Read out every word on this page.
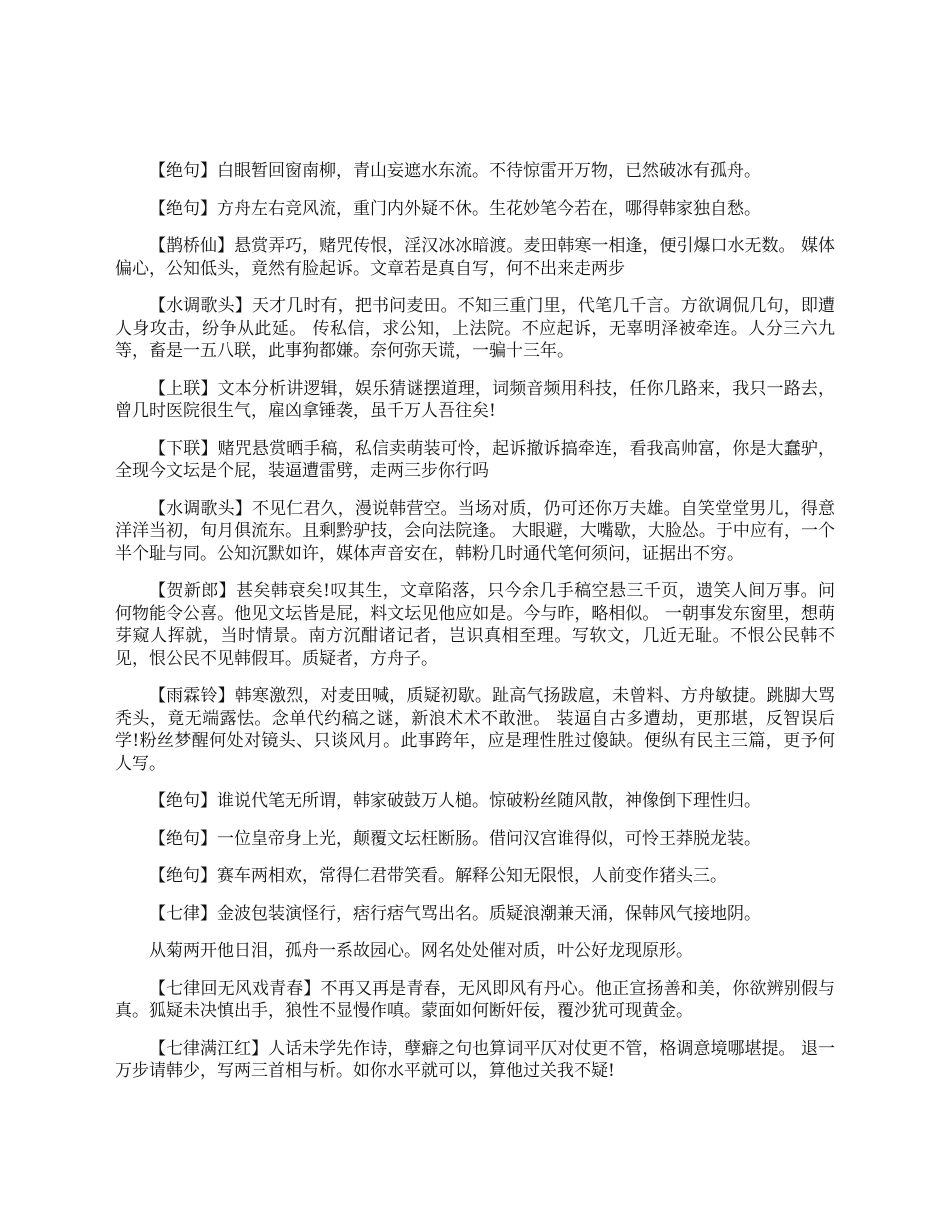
【绝句】白眼暂回窗南柳，青山妄遮水东流。不待惊雷开万物，已然破冰有孤舟。

【绝句】方舟左右竞风流，重门内外疑不休。生花妙笔今若在，哪得韩家独自愁。

【鹊桥仙】悬赏弄巧，赌咒传恨，淫汉冰冰暗渡。麦田韩寒一相逢，便引爆口水无数。 媒体偏心，公知低头，竟然有脸起诉。文章若是真自写，何不出来走两步

【水调歌头】天才几时有，把书问麦田。不知三重门里，代笔几千言。方欲调侃几句，即遭人身攻击，纷争从此延。 传私信，求公知，上法院。不应起诉，无辜明泽被牵连。人分三六九等，畜是一五八联，此事狗都嫌。奈何弥天谎，一骗十三年。

【上联】文本分析讲逻辑，娱乐猜谜摆道理，词频音频用科技，任你几路来，我只一路去，曾几时医院很生气，雇凶拿锤袭，虽千万人吾往矣!

【下联】赌咒悬赏晒手稿，私信卖萌装可怜，起诉撤诉搞牵连，看我高帅富，你是大蠢驴，全现今文坛是个屁，装逼遭雷劈，走两三步你行吗

【水调歌头】不见仁君久，漫说韩营空。当场对质，仍可还你万夫雄。自笑堂堂男儿，得意洋洋当初，旬月俱流东。且剩黔驴技，会向法院逢。 大眼避，大嘴歇，大脸怂。于中应有，一个半个耻与同。公知沉默如许，媒体声音安在，韩粉几时通代笔何须问，证据出不穷。

【贺新郎】甚矣韩衰矣!叹其生，文章陷落，只今余几手稿空悬三千页，遗笑人间万事。问何物能令公喜。他见文坛皆是屁，料文坛见他应如是。今与昨，略相似。 一朝事发东窗里，想萌芽窥人挥就，当时情景。南方沉酣诸记者，岂识真相至理。写软文，几近无耻。不恨公民韩不见，恨公民不见韩假耳。质疑者，方舟子。

【雨霖铃】韩寒激烈，对麦田喊，质疑初歇。趾高气扬跋扈，未曾料、方舟敏捷。跳脚大骂秃头，竟无端露怯。念单代约稿之谜，新浪术术不敢泄。 装逼自古多遭劫，更那堪，反智误后学!粉丝梦醒何处对镜头、只谈风月。此事跨年，应是理性胜过傻缺。便纵有民主三篇，更予何人写。

【绝句】谁说代笔无所谓，韩家破鼓万人槌。惊破粉丝随风散，神像倒下理性归。

【绝句】一位皇帝身上光，颠覆文坛枉断肠。借问汉宫谁得似，可怜王莽脱龙装。

【绝句】赛车两相欢，常得仁君带笑看。解释公知无限恨，人前变作猪头三。

【七律】金波包装演怪行，痞行痞气骂出名。质疑浪潮兼天涌，保韩风气接地阴。

从菊两开他日泪，孤舟一系故园心。网名处处催对质，叶公好龙现原形。

【七律回无风戏青春】不再又再是青春，无风即风有丹心。他正宣扬善和美，你欲辨别假与真。狐疑未决慎出手，狼性不显慢作嗔。蒙面如何断奸佞，覆沙犹可现黄金。

【七律满江红】人话未学先作诗，孽癖之句也算词平仄对仗更不管，格调意境哪堪提。 退一万步请韩少，写两三首相与析。如你水平就可以，算他过关我不疑!
